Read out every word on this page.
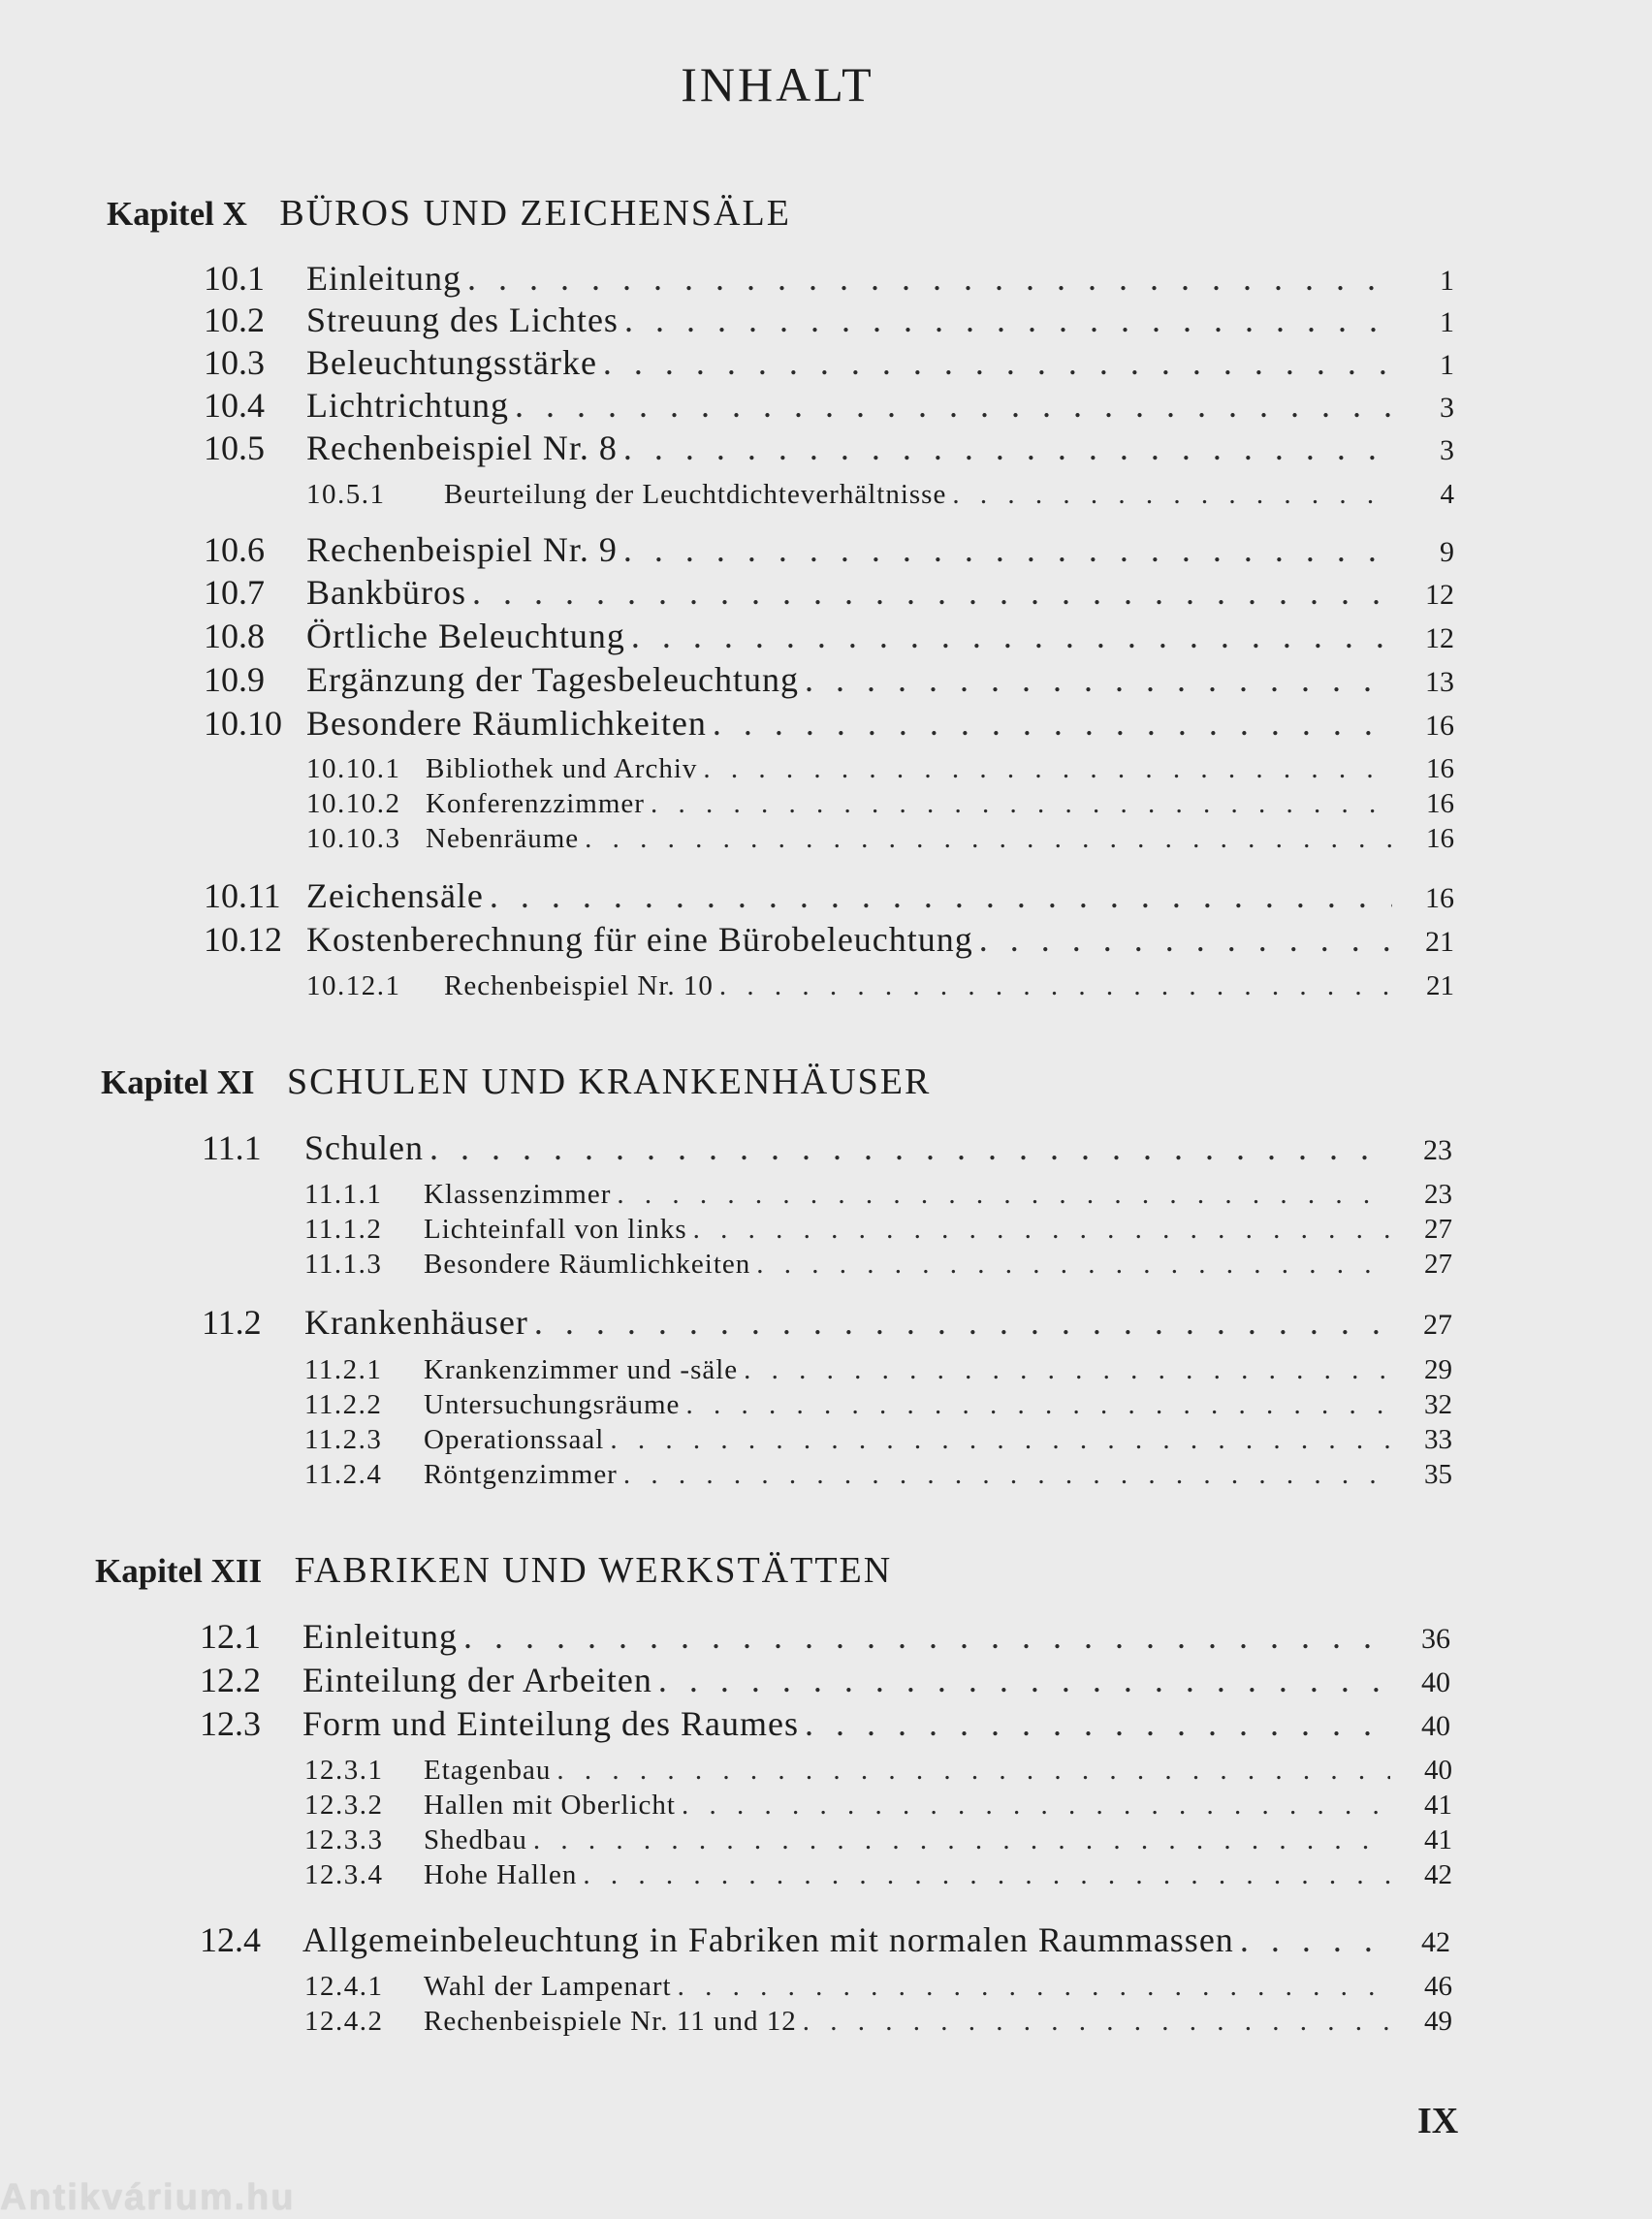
INHALT
Kapitel X BÜROS UND ZEICHENSÄLE
10.1	Einleitung . . .	1
10.2	Streuung des Lichtes . . .	1
10.3	Beleuchtungsstärke . . .	1
10.4	Lichtrichtung . . .	3
10.5	Rechenbeispiel Nr. 8 . . .	3
10.5.1	Beurteilung der Leuchtdichteverhältnisse . . .	4
10.6	Rechenbeispiel Nr. 9 . . .	9
10.7	Bankbüros . . .	12
10.8	Örtliche Beleuchtung . . .	12
10.9	Ergänzung der Tagesbeleuchtung . . .	13
10.10 Besondere Räumlichkeiten . . .	16
10.10.1 Bibliothek und Archiv . . .	16
10.10.2 Konferenzzimmer . . .	16
10.10.3 Nebenräume . . .	16
10.11 Zeichensäle . . .	16
10.12 Kostenberechnung für eine Bürobeleuchtung . . .	21
10.12.1	Rechenbeispiel Nr. 10 . . .	21
Kapitel XI SCHULEN UND KRANKENHÄUSER
11.1	Schulen . . .	23
11.1.1	Klassenzimmer . . .	23
11.1.2	Lichteinfall von links . . .	27
11.1.3	Besondere Räumlichkeiten . . .	27
11.2	Krankenhäuser . . .	27
11.2.1	Krankenzimmer und -säle . . .	29
11.2.2	Untersuchungsräume . . .	32
11.2.3	Operationssaal . . .	33
11.2.4	Röntgenzimmer . . .	35
Kapitel XII FABRIKEN UND WERKSTÄTTEN
12.1	Einleitung . . .	36
12.2	Einteilung der Arbeiten . . .	40
12.3	Form und Einteilung des Raumes . . .	40
12.3.1	Etagenbau . . .	40
12.3.2	Hallen mit Oberlicht . . .	41
12.3.3	Shedbau . . .	41
12.3.4	Hohe Hallen . . .	42
12.4	Allgemeinbeleuchtung in Fabriken mit normalen Raummassen . . .	42
12.4.1	Wahl der Lampenart . . .	46
12.4.2	Rechenbeispiele Nr. 11 und 12 . . .	49
IX
Antikvárium.hu
